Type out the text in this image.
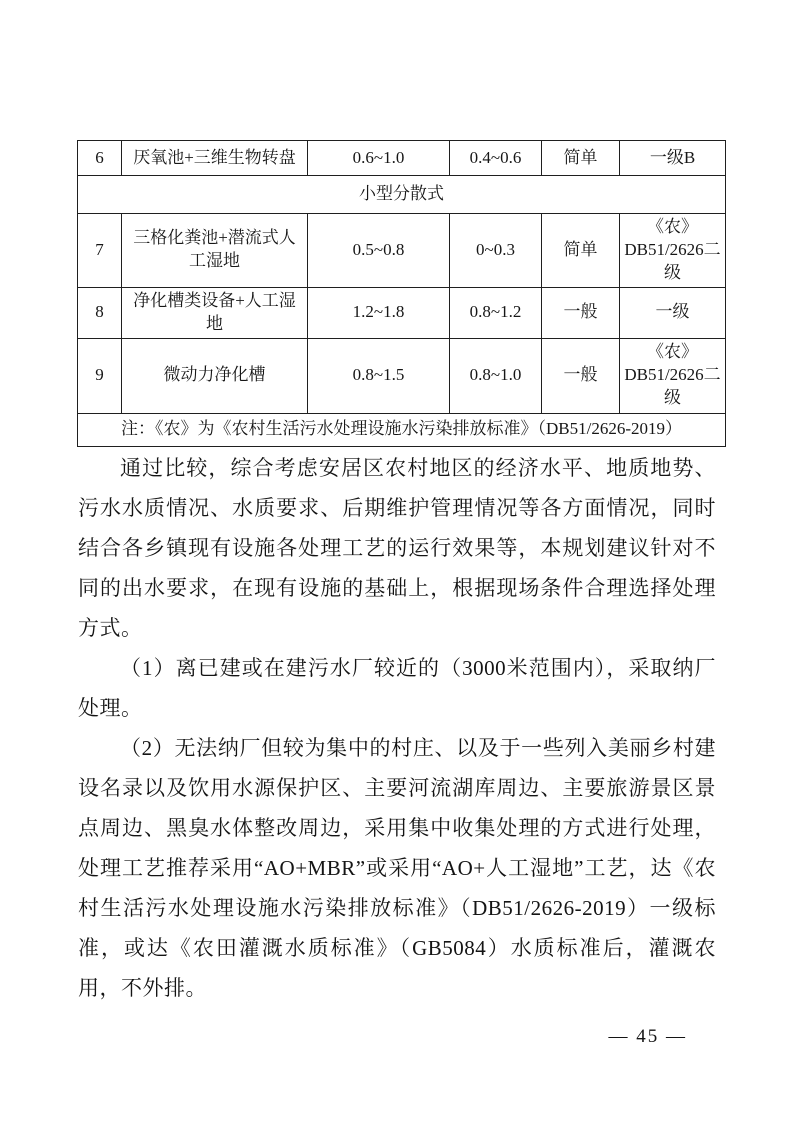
6	厌氧池+三维生物转盘	0.6~1.0	0.4~0.6	简单	一级B
小型分散式					
7	三格化粪池+潜流式人工湿地	0.5~0.8	0~0.3	简单	《农》DB51/2626二级
8	净化槽类设备+人工湿地	1.2~1.8	0.8~1.2	一般	一级
9	微动力净化槽	0.8~1.5	0.8~1.0	一般	《农》DB51/2626二级
注：《农》为《农村生活污水处理设施水污染排放标准》（DB51/2626-2019）					

通过比较，综合考虑安居区农村地区的经济水平、地质地势、污水水质情况、水质要求、后期维护管理情况等各方面情况，同时结合各乡镇现有设施各处理工艺的运行效果等，本规划建议针对不同的出水要求，在现有设施的基础上，根据现场条件合理选择处理方式。

（1）离已建或在建污水厂较近的（3000米范围内），采取纳厂处理。

（2）无法纳厂但较为集中的村庄、以及于一些列入美丽乡村建设名录以及饮用水源保护区、主要河流湖库周边、主要旅游景区景点周边、黑臭水体整改周边，采用集中收集处理的方式进行处理，处理工艺推荐采用“AO+MBR”或采用“AO+人工湿地”工艺，达《农村生活污水处理设施水污染排放标准》（DB51/2626-2019）一级标准，或达《农田灌溉水质标准》（GB5084）水质标准后，灌溉农用，不外排。

— 45 —
